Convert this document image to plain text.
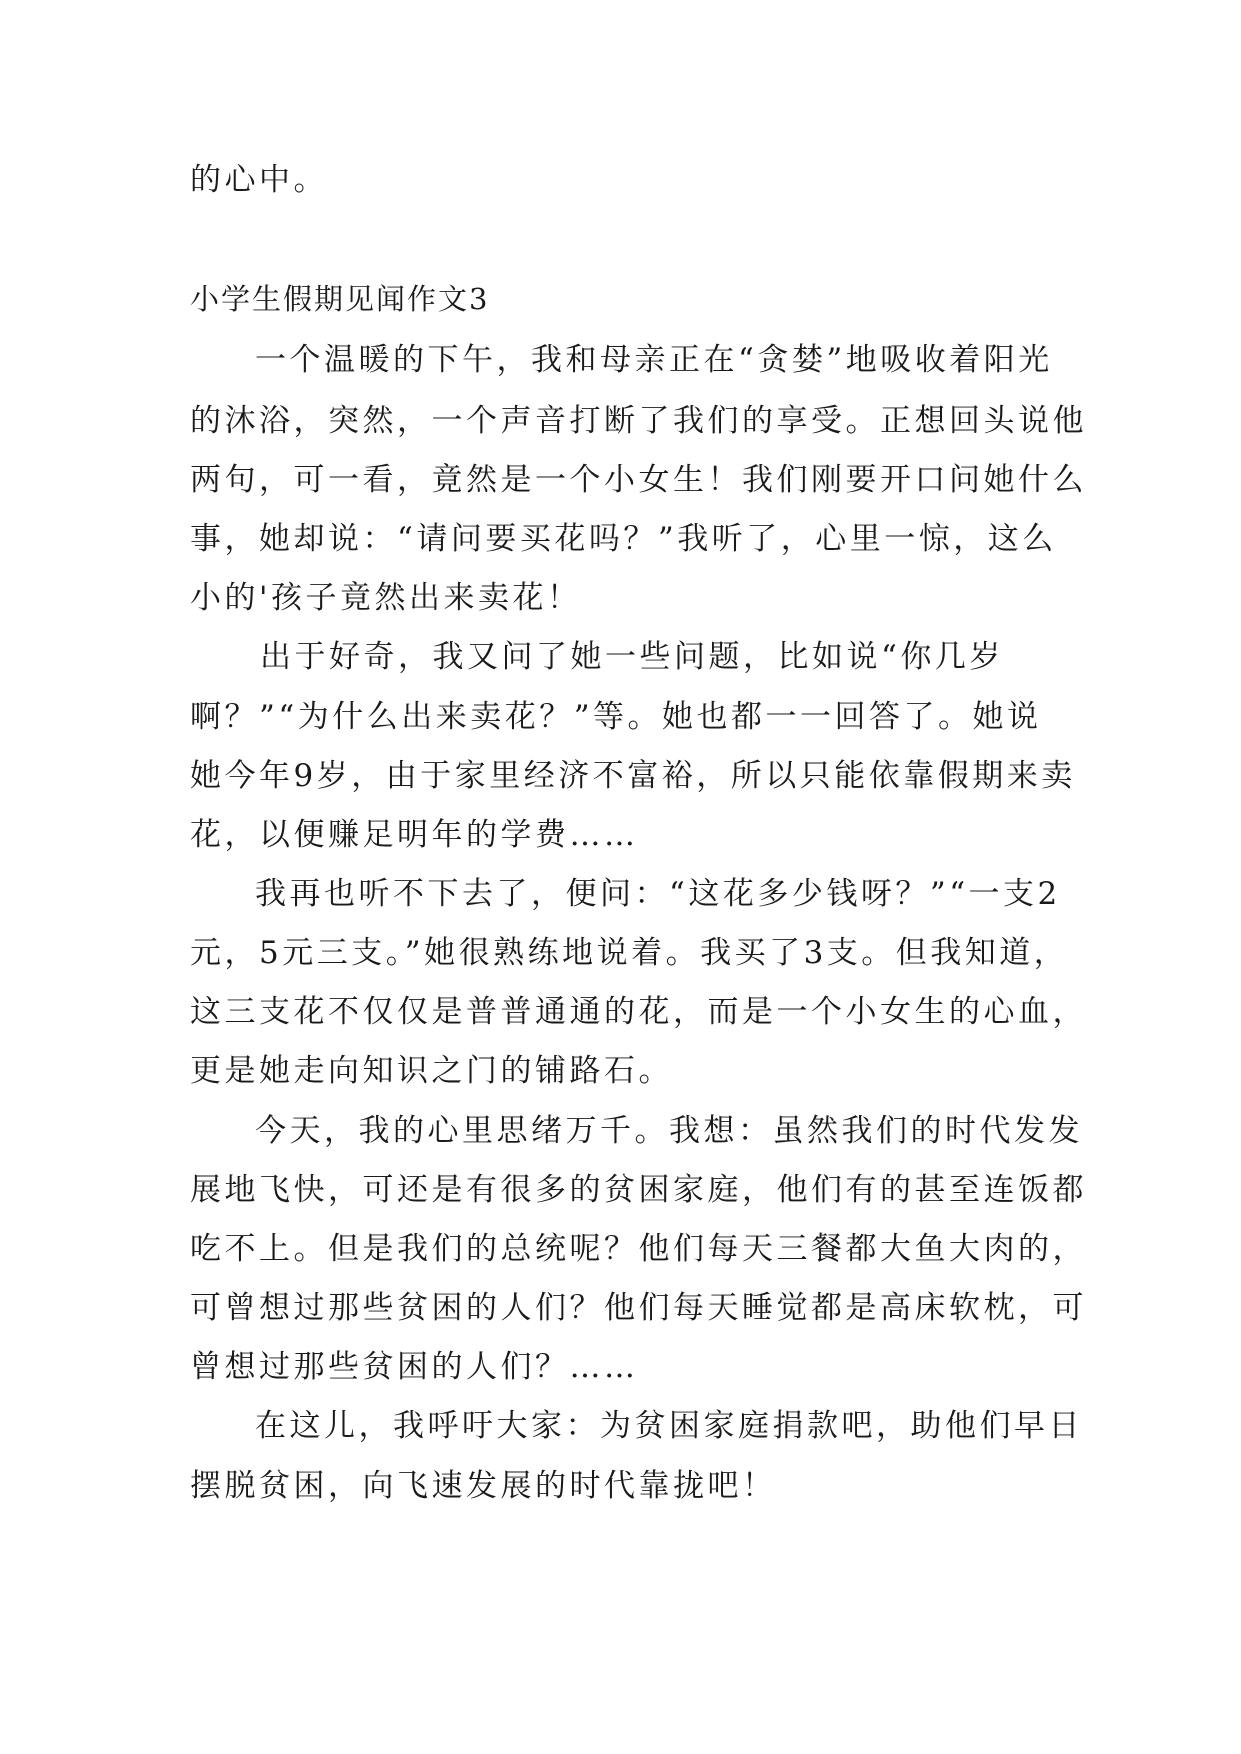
的心中。
小学生假期见闻作文3
一个温暖的下午，我和母亲正在“贪婪”地吸收着阳光
的沐浴，突然，一个声音打断了我们的享受。正想回头说他
两句，可一看，竟然是一个小女生！我们刚要开口问她什么
事，她却说：“请问要买花吗？”我听了，心里一惊，这么
小的'孩子竟然出来卖花！
出于好奇，我又问了她一些问题，比如说“你几岁
啊？”“为什么出来卖花？”等。她也都一一回答了。她说
她今年9岁，由于家里经济不富裕，所以只能依靠假期来卖
花，以便赚足明年的学费……
我再也听不下去了，便问：“这花多少钱呀？”“一支2
元，5元三支。”她很熟练地说着。我买了3支。但我知道，
这三支花不仅仅是普普通通的花，而是一个小女生的心血，
更是她走向知识之门的铺路石。
今天，我的心里思绪万千。我想：虽然我们的时代发发
展地飞快，可还是有很多的贫困家庭，他们有的甚至连饭都
吃不上。但是我们的总统呢？他们每天三餐都大鱼大肉的，
可曾想过那些贫困的人们？他们每天睡觉都是高床软枕，可
曾想过那些贫困的人们？……
在这儿，我呼吁大家：为贫困家庭捐款吧，助他们早日
摆脱贫困，向飞速发展的时代靠拢吧！
